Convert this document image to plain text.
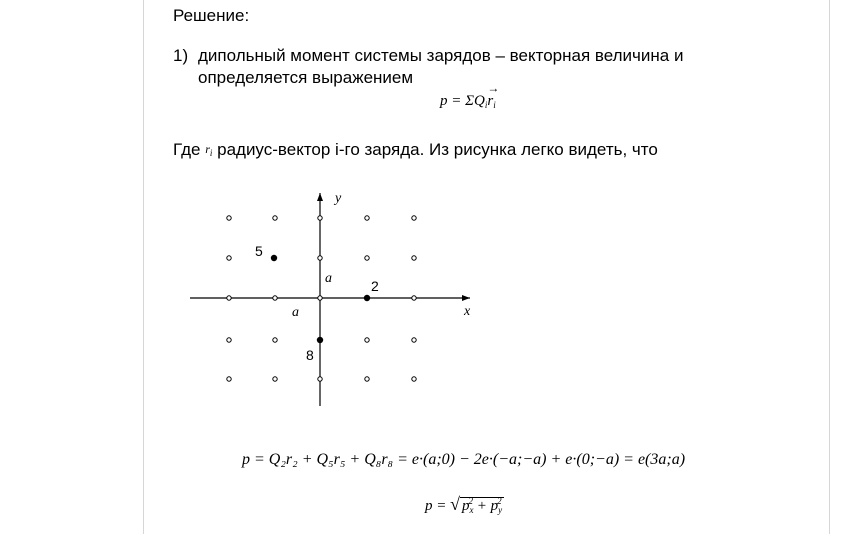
Решение:
1) дипольный момент системы зарядов – векторная величина и
определяется выражением
$p = \Sigma Q_i\to r_i$
Где $r_i$ радиус-вектор i-го заряда. Из рисунка легко видеть, что
y
x
a
a
5
2
8
p = Q₂r₂ + Q₅r₅ + Q₈r₈ = e·(a;0) − 2e·(−a;−a) + e·(0;−a) = e(3a;a)
p = √ $p_x^2 + p_y^2$
